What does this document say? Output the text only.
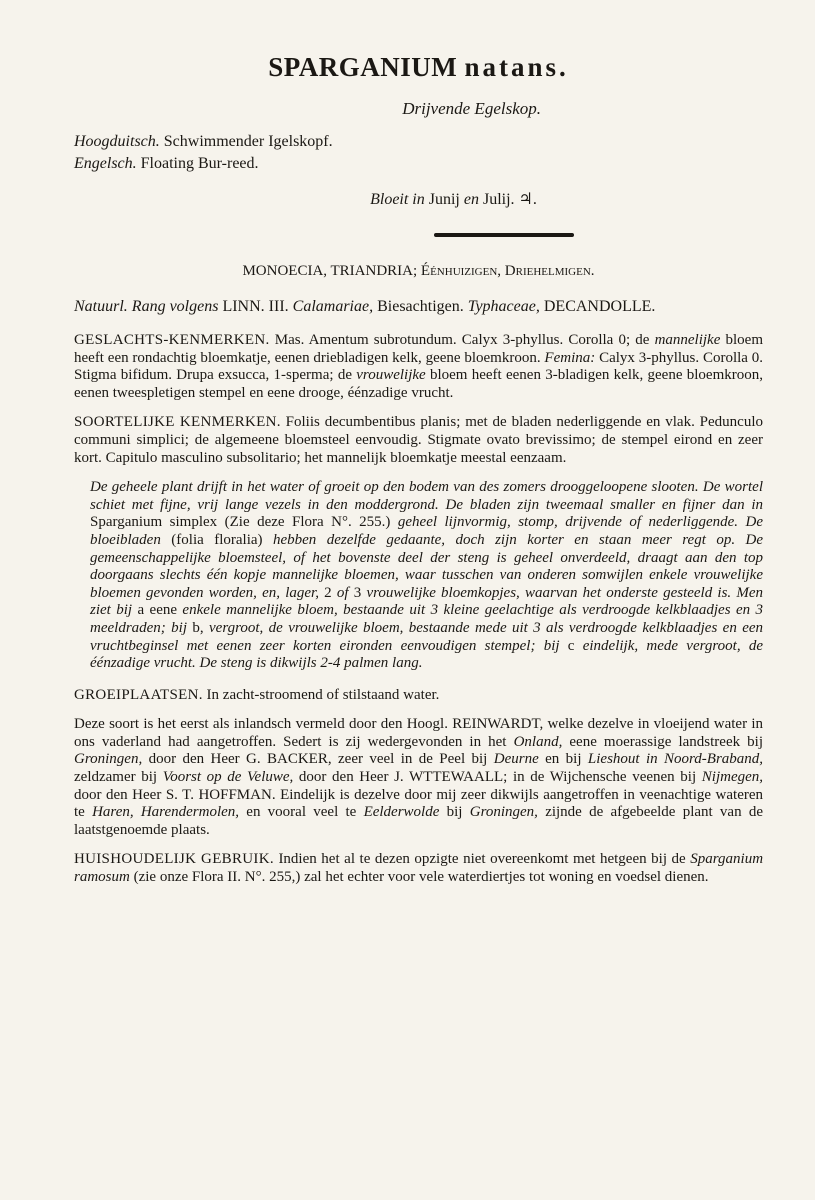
SPARGANIUM natans.
Drijvende Egelskop.
Hoogduitsch. Schwimmender Igelskopf.
Engelsch. Floating Bur-reed.
Bloeit in Junij en Julij. ♃.
MONOECIA, TRIANDRIA; Éénhuizigen, Driehelmigen.
Natuurl. Rang volgens LINN. III. Calamariae, Biesachtigen. Typhaceae, DECANDOLLE.

GESLACHTS-KENMERKEN. Mas. Amentum subrotundum. Calyx 3-phyllus. Corolla 0; de mannelijke bloem heeft een rondachtig bloemkatje, eenen driebladigen kelk, geene bloemkroon. Femina: Calyx 3-phyllus. Corolla 0. Stigma bifidum. Drupa exsucca, 1-sperma; de vrouwelijke bloem heeft eenen 3-bladigen kelk, geene bloemkroon, eenen tweespletigen stempel en eene drooge, éénzadige vrucht.

SOORTELIJKE KENMERKEN. Foliis decumbentibus planis; met de bladen nederliggende en vlak. Pedunculo communi simplici; de algemeene bloemsteel eenvoudig. Stigmate ovato brevissimo; de stempel eirond en zeer kort. Capitulo masculino subsolitario; het mannelijk bloemkatje meestal eenzaam.

De geheele plant drijft in het water of groeit op den bodem van des zomers drooggeloopene slooten. De wortel schiet met fijne, vrij lange vezels in den moddergrond. De bladen zijn tweemaal smaller en fijner dan in Sparganium simplex (Zie deze Flora N°. 255.) geheel lijnvormig, stomp, drijvende of nederliggende. De bloeibladen (folia floralia) hebben dezelfde gedaante, doch zijn korter en staan meer regt op. De gemeenschappelijke bloemsteel, of het bovenste deel der steng is geheel onverdeeld, draagt aan den top doorgaans slechts één kopje mannelijke bloemen, waar tusschen van onderen somwijlen enkele vrouwelijke bloemen gevonden worden, en, lager, 2 of 3 vrouwelijke bloemkopjes, waarvan het onderste gesteeld is. Men ziet bij a eene enkele mannelijke bloem, bestaande uit 3 kleine geelachtige als verdroogde kelkblaadjes en 3 meeldraden; bij b, vergroot, de vrouwelijke bloem, bestaande mede uit 3 als verdroogde kelkblaadjes en een vruchtbeginsel met eenen zeer korten eironden eenvoudigen stempel; bij c eindelijk, mede vergroot, de éénzadige vrucht. De steng is dikwijls 2-4 palmen lang.

GROEIPLAATSEN. In zacht-stroomend of stilstaand water.

Deze soort is het eerst als inlandsch vermeld door den Hoogl. REINWARDT, welke dezelve in vloeijend water in ons vaderland had aangetroffen. Sedert is zij wedergevonden in het Onland, eene moerassige landstreek bij Groningen, door den Heer G. BACKER, zeer veel in de Peel bij Deurne en bij Lieshout in Noord-Braband, zeldzamer bij Voorst op de Veluwe, door den Heer J. WTTEWAALL; in de Wijchensche veenen bij Nijmegen, door den Heer S. T. HOFFMAN. Eindelijk is dezelve door mij zeer dikwijls aangetroffen in veenachtige wateren te Haren, Harendermolen, en vooral veel te Eelderwolde bij Groningen, zijnde de afgebeelde plant van de laatstgenoemde plaats.

HUISHOUDELIJK GEBRUIK. Indien het al te dezen opzigte niet overeenkomt met hetgeen bij de Sparganium ramosum (zie onze Flora II. N°. 255,) zal het echter voor vele waterdiertjes tot woning en voedsel dienen.
